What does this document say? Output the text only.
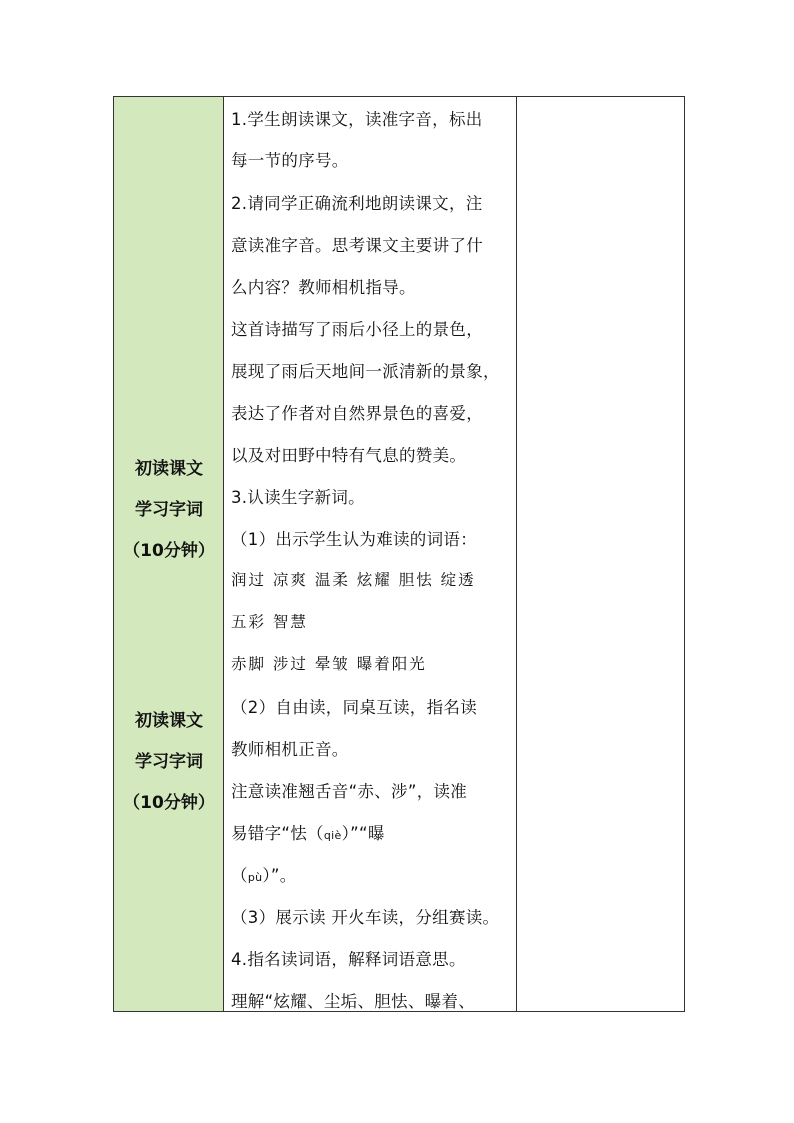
初读课文
学习字词
（10分钟）
初读课文
学习字词
（10分钟）
1.学生朗读课文，读准字音，标出
每一节的序号。
2.请同学正确流利地朗读课文，注
意读准字音。思考课文主要讲了什
么内容？教师相机指导。
这首诗描写了雨后小径上的景色，
展现了雨后天地间一派清新的景象，
表达了作者对自然界景色的喜爱，
以及对田野中特有气息的赞美。
3.认读生字新词。
（1）出示学生认为难读的词语：
润过 凉爽 温柔 炫耀 胆怯 绽透
五彩 智慧
赤脚 涉过 晕皱 曝着阳光
（2）自由读，同桌互读，指名读
教师相机正音。
注意读准翘舌音“赤、涉”，读准
易错字“怯（qiè）”“曝
（pù）”。
（3）展示读 开火车读，分组赛读。
4.指名读词语，解释词语意思。
理解“炫耀、尘垢、胆怯、曝着、
